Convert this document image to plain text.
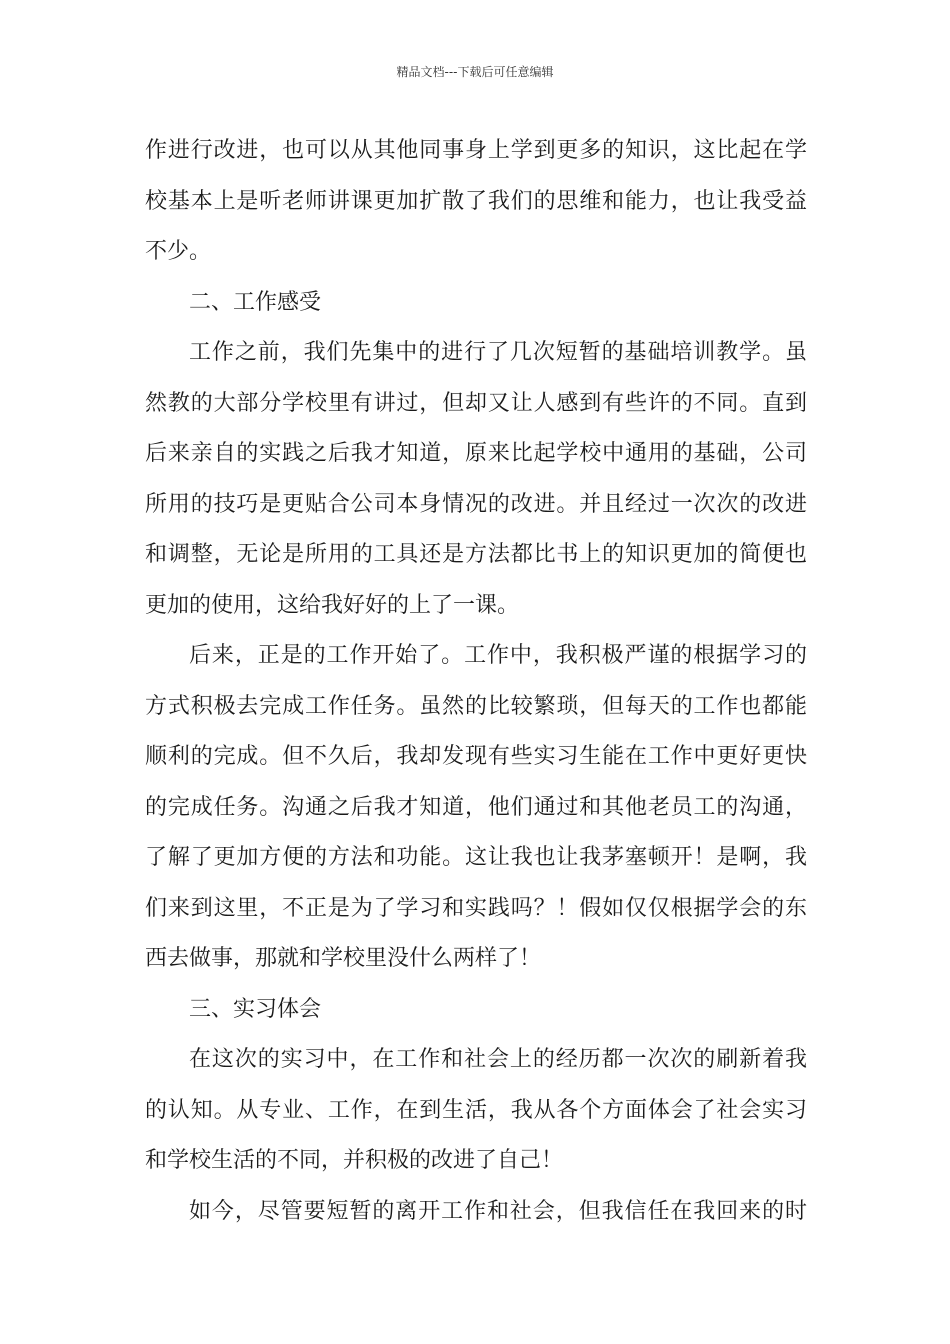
精品文档---下载后可任意编辑
作进行改进，也可以从其他同事身上学到更多的知识，这比起在学
校基本上是听老师讲课更加扩散了我们的思维和能力，也让我受益
不少。
二、工作感受
工作之前，我们先集中的进行了几次短暂的基础培训教学。虽
然教的大部分学校里有讲过，但却又让人感到有些许的不同。直到
后来亲自的实践之后我才知道，原来比起学校中通用的基础，公司
所用的技巧是更贴合公司本身情况的改进。并且经过一次次的改进
和调整，无论是所用的工具还是方法都比书上的知识更加的简便也
更加的使用，这给我好好的上了一课。
后来，正是的工作开始了。工作中，我积极严谨的根据学习的
方式积极去完成工作任务。虽然的比较繁琐，但每天的工作也都能
顺利的完成。但不久后，我却发现有些实习生能在工作中更好更快
的完成任务。沟通之后我才知道，他们通过和其他老员工的沟通，
了解了更加方便的方法和功能。这让我也让我茅塞顿开！是啊，我
们来到这里，不正是为了学习和实践吗？！假如仅仅根据学会的东
西去做事，那就和学校里没什么两样了！
三、实习体会
在这次的实习中，在工作和社会上的经历都一次次的刷新着我
的认知。从专业、工作，在到生活，我从各个方面体会了社会实习
和学校生活的不同，并积极的改进了自己！
如今，尽管要短暂的离开工作和社会，但我信任在我回来的时
